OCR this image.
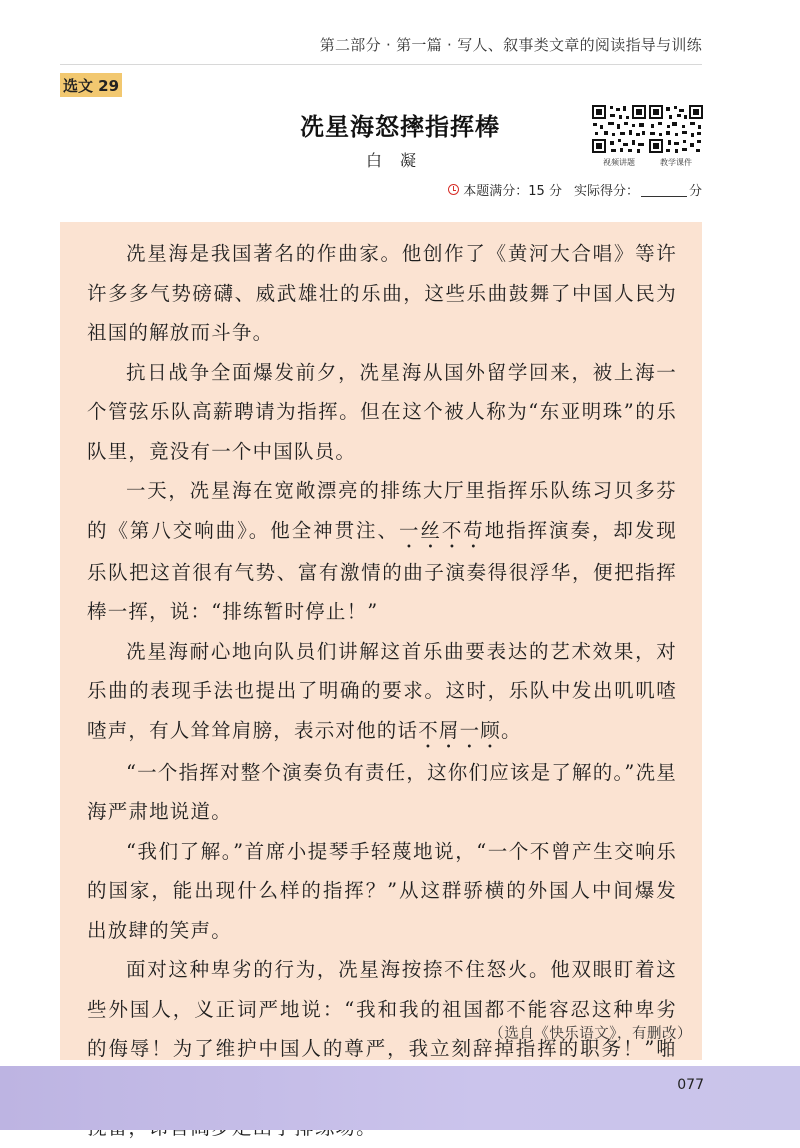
第二部分 · 第一篇 · 写人、叙事类文章的阅读指导与训练
选文 29
冼星海怒摔指挥棒
白凝	视频讲题	教学课件
本题满分：15 分 实际得分：	分

冼星海是我国著名的作曲家。他创作了《黄河大合唱》等许许多多气势磅礴、威武雄壮的乐曲，这些乐曲鼓舞了中国人民为祖国的解放而斗争。

抗日战争全面爆发前夕，冼星海从国外留学回来，被上海一个管弦乐队高薪聘请为指挥。但在这个被人称为“东亚明珠”的乐队里，竟没有一个中国队员。

一天，冼星海在宽敞漂亮的排练大厅里指挥乐队练习贝多芬的《第八交响曲》。他全神贯注、一丝不苟地指挥演奏，却发现乐队把这首很有气势、富有激情的曲子演奏得很浮华，便把指挥棒一挥，说：“排练暂时停止！”

冼星海耐心地向队员们讲解这首乐曲要表达的艺术效果，对乐曲的表现手法也提出了明确的要求。这时，乐队中发出叽叽喳喳声，有人耸耸肩膀，表示对他的话不屑一顾。

“一个指挥对整个演奏负有责任，这你们应该是了解的。”冼星海严肃地说道。

“我们了解。”首席小提琴手轻蔑地说，“一个不曾产生交响乐的国家，能出现什么样的指挥？”从这群骄横的外国人中间爆发出放肆的笑声。

面对这种卑劣的行为，冼星海按捺不住怒火。他双眼盯着这些外国人，义正词严地说：“我和我的祖国都不能容忍这种卑劣的侮辱！为了维护中国人的尊严，我立刻辞掉指挥的职务！”啪

（选自《快乐语文》，有删改）
077
